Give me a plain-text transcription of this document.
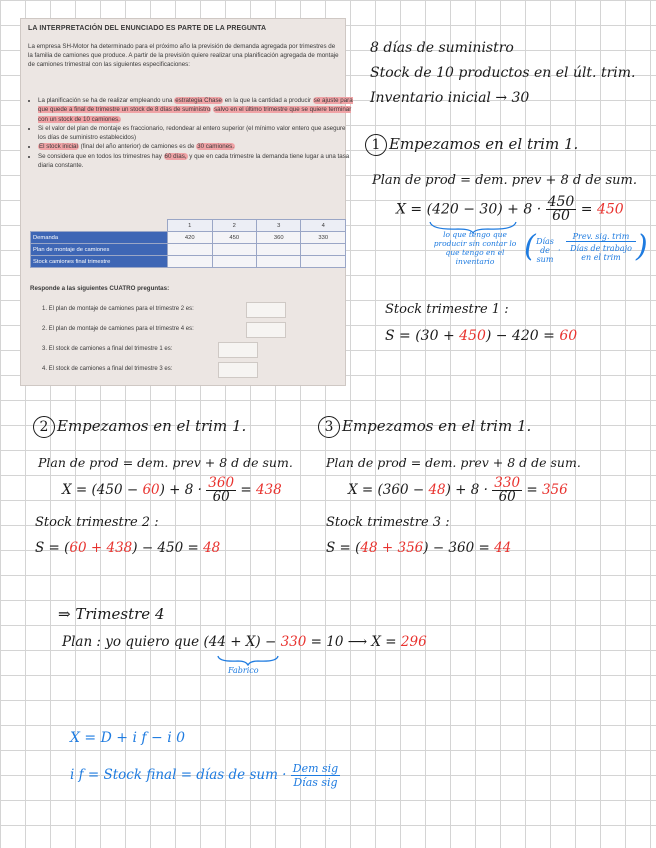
LA INTERPRETACIÓN DEL ENUNCIADO ES PARTE DE LA PREGUNTA
La empresa SH-Motor ha determinado para el próximo año la previsión de demanda agregada por trimestres de la familia de camiones que produce. A partir de la previsión quiere realizar una planificación agregada de montaje de camiones trimestral con las siguientes especificaciones:
• La planificación se ha de realizar empleando una estrategia Chase en la que la cantidad a producir se ajuste para que quede a final de trimestre un stock de 8 días de suministro salvo en el último trimestre que se quiere terminar con un stock de 10 camiones.
• Si el valor del plan de montaje es fraccionario, redondear al entero superior (el mínimo valor entero que asegure los días de suministro establecidos)
• El stock inicial (final del año anterior) de camiones es de 30 camiones.
• Se considera que en todos los trimestres hay 60 días, y que en cada trimestre la demanda tiene lugar a una tasa diaria constante.
	1	2	3	4
Demanda	420	450	360	330
Plan de montaje de camiones				
Stock camiones final trimestre				
Responde a las siguientes CUATRO preguntas:
1. El plan de montaje de camiones para el trimestre 2 es:
2. El plan de montaje de camiones para el trimestre 4 es:
3. El stock de camiones a final del trimestre 1 es:
4. El stock de camiones a final del trimestre 3 es:
8 días de suministro
Stock de 10 productos en el últ. trim.
Inventario inicial → 30
1 Empezamos en el trim 1.
Plan de prod = dem. prev + 8 d de sum.
$X = (420 - 30) + 8 \cdot \frac{450}{60} = 450$
lo que tengo que producir sin contar lo que tengo en el inventario ( Días de sum
·
Prev. sig. trim
Días de trabajo en el trim )
Stock trimestre 1 :
S = (30 + 450) − 420 = 60
2 Empezamos en el trim 1.
Plan de prod = dem. prev + 8 d de sum.
$X = (450 - 60) + 8 \cdot \frac{360}{60} = 438$
Stock trimestre 2 :
S = (60 + 438) − 450 = 48
3 Empezamos en el trim 1.
Plan de prod = dem. prev + 8 d de sum.
$X = (360 - 48) + 8 \cdot \frac{330}{60} = 356$
Stock trimestre 3 :
S = (48 + 356) − 360 = 44
⇒ Trimestre 4
Plan : yo quiero que (44 + X) − 330 = 10 ⟶ X = 296
Fabrico
X = D + i f − i 0
i f = Stock final = días de sum · $\frac{\text{Dem sig}}{\text{Días sig}}$
